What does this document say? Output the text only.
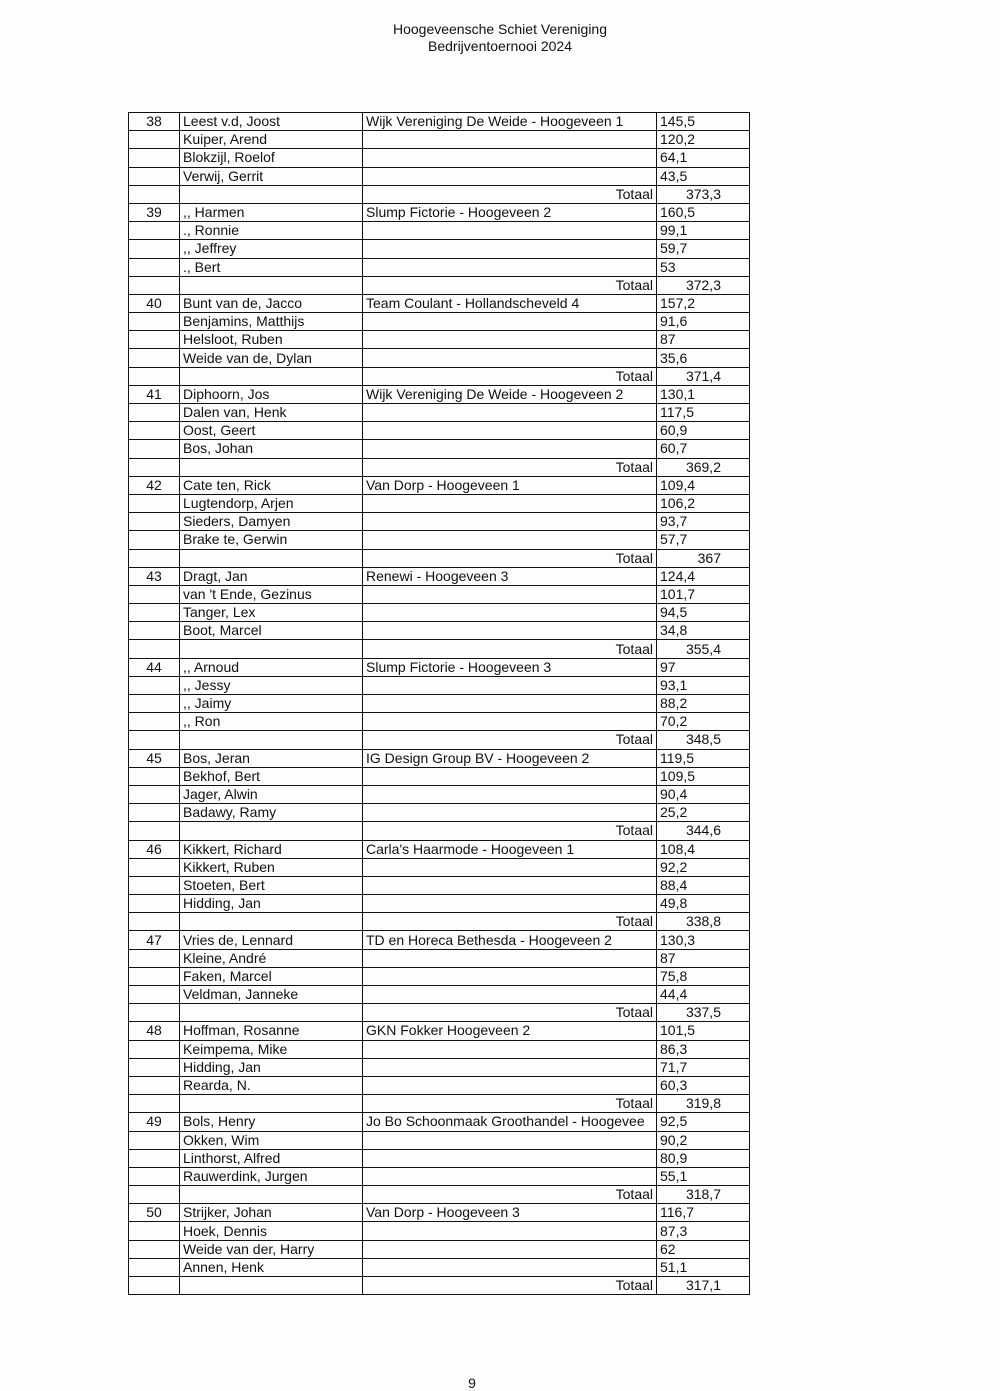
Hoogeveensche Schiet Vereniging
Bedrijventoernooi 2024
38	Leest v.d, Joost	Wijk Vereniging De Weide - Hoogeveen 1	145,5
	Kuiper, Arend		120,2
	Blokzijl, Roelof		64,1
	Verwij, Gerrit		43,5
		Totaal	373,3
39	,, Harmen	Slump Fictorie - Hoogeveen 2	160,5
	., Ronnie		99,1
	,, Jeffrey		59,7
	., Bert		53
		Totaal	372,3
40	Bunt van de, Jacco	Team Coulant - Hollandscheveld 4	157,2
	Benjamins, Matthijs		91,6
	Helsloot, Ruben		87
	Weide van de, Dylan		35,6
		Totaal	371,4
41	Diphoorn, Jos	Wijk Vereniging De Weide - Hoogeveen 2	130,1
	Dalen van, Henk		117,5
	Oost, Geert		60,9
	Bos, Johan		60,7
		Totaal	369,2
42	Cate ten, Rick	Van Dorp - Hoogeveen 1	109,4
	Lugtendorp, Arjen		106,2
	Sieders, Damyen		93,7
	Brake te, Gerwin		57,7
		Totaal	367
43	Dragt, Jan	Renewi - Hoogeveen 3	124,4
	van 't Ende, Gezinus		101,7
	Tanger, Lex		94,5
	Boot, Marcel		34,8
		Totaal	355,4
44	,, Arnoud	Slump Fictorie - Hoogeveen 3	97
	,, Jessy		93,1
	,, Jaimy		88,2
	,, Ron		70,2
		Totaal	348,5
45	Bos, Jeran	IG Design Group BV - Hoogeveen 2	119,5
	Bekhof, Bert		109,5
	Jager, Alwin		90,4
	Badawy, Ramy		25,2
		Totaal	344,6
46	Kikkert, Richard	Carla's Haarmode - Hoogeveen 1	108,4
	Kikkert, Ruben		92,2
	Stoeten, Bert		88,4
	Hidding, Jan		49,8
		Totaal	338,8
47	Vries de, Lennard	TD en Horeca Bethesda - Hoogeveen 2	130,3
	Kleine, André		87
	Faken, Marcel		75,8
	Veldman, Janneke		44,4
		Totaal	337,5
48	Hoffman, Rosanne	GKN Fokker Hoogeveen 2	101,5
	Keimpema, Mike		86,3
	Hidding, Jan		71,7
	Rearda, N.		60,3
		Totaal	319,8
49	Bols, Henry	Jo Bo Schoonmaak Groothandel - Hoogevee	92,5
	Okken, Wim		90,2
	Linthorst, Alfred		80,9
	Rauwerdink, Jurgen		55,1
		Totaal	318,7
50	Strijker, Johan	Van Dorp - Hoogeveen 3	116,7
	Hoek, Dennis		87,3
	Weide van der, Harry		62
	Annen, Henk		51,1
		Totaal	317,1
9
